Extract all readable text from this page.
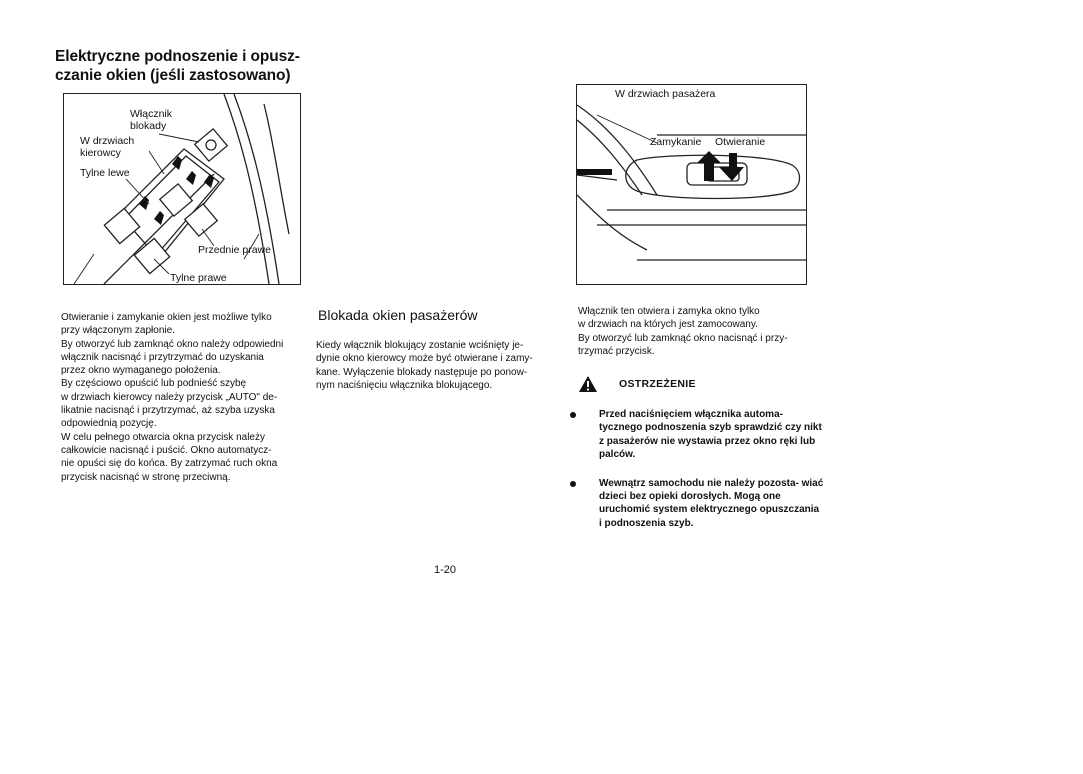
Elektryczne podnoszenie i opusz-
czanie okien (jeśli zastosowano)
Włącznik
blokady
W drzwiach
kierowcy
Tylne lewe
Przednie prawe
Tylne prawe
W drzwiach pasażera
Zamykanie Otwieranie
Otwieranie i zamykanie okien jest możliwe tylko
przy włączonym zapłonie.
By otworzyć lub zamknąć okno należy odpowiedni
włącznik nacisnąć i przytrzymać do uzyskania
przez okno wymaganego położenia.
By częściowo opuścić lub podnieść szybę
w drzwiach kierowcy należy przycisk „AUTO" de-
likatnie nacisnąć i przytrzymać, aż szyba uzyska
odpowiednią pozycję.
W celu pełnego otwarcia okna przycisk należy
całkowicie nacisnąć i puścić. Okno automatycz-
nie opuści się do końca. By zatrzymać ruch okna
przycisk nacisnąć w stronę przeciwną.
Blokada okien pasażerów
Kiedy włącznik blokujący zostanie wciśnięty je-
dynie okno kierowcy może być otwierane i zamy-
kane. Wyłączenie blokady następuje po ponow-
nym naciśnięciu włącznika blokującego.
Włącznik ten otwiera i zamyka okno tylko
w drzwiach na których jest zamocowany.
By otworzyć lub zamknąć okno nacisnąć i przy-
trzymać przycisk.
OSTRZEŻENIE
Przed naciśnięciem włącznika automa- tycznego podnoszenia szyb sprawdzić czy nikt z pasażerów nie wystawia przez okno ręki lub palców.
Wewnątrz samochodu nie należy pozosta- wiać dzieci bez opieki dorosłych. Mogą one uruchomić system elektrycznego opuszczania i podnoszenia szyb.
1-20
